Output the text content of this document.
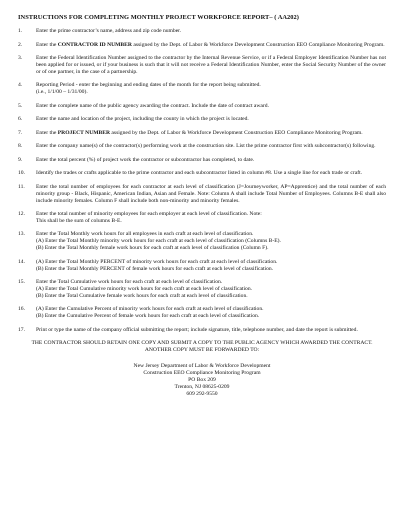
INSTRUCTIONS FOR COMPLETING MONTHLY PROJECT WORKFORCE REPORT– ( AA202)
1.	Enter the prime contractor’s name, address and zip code number.
2.	Enter the CONTRACTOR ID NUMBER assigned by the Dept. of Labor & Workforce Development Construction EEO Compliance Monitoring Program.
3.	Enter the Federal Identification Number assigned to the contractor by the Internal Revenue Service, or if a Federal Employer Identification Number has not been applied for or issued, or if your business is such that it will not receive a Federal Identification Number, enter the Social Security Number of the owner or of one partner, in the case of a partnership.
4.	Reporting Period - enter the beginning and ending dates of the month for the report being submitted.
(i.e., 1/1/00 – 1/31/00).
5.	Enter the complete name of the public agency awarding the contract. Include the date of contract award.
6.	Enter the name and location of the project, including the county in which the project is located.
7.	Enter the PROJECT NUMBER assigned by the Dept. of Labor & Workforce Development Construction EEO Compliance Monitoring Program.
8.	Enter the company name(s) of the contractor(s) performing work at the construction site. List the prime contractor first with subcontractor(s) following.
9.	Enter the total percent (%) of project work the contractor or subcontractor has completed, to date.
10.	Identify the trades or crafts applicable to the prime contractor and each subcontractor listed in column #8. Use a single line for each trade or craft.
11.	Enter the total number of employees for each contractor at each level of classification (J=Journeyworker, AP=Apprentice) and the total number of each minority group - Black, Hispanic, American Indian, Asian and Female. Note: Column A shall include Total Number of Employees. Columns B-E shall also include minority females. Column F shall include both non-minority and minority females.
12.	Enter the total number of minority employees for each employer at each level of classification. Note:
This shall be the sum of columns B-E.
13.	Enter the Total Monthly work hours for all employees in each craft at each level of classification.
(A) Enter the Total Monthly minority work hours for each craft at each level of classification (Columns B-E).
(B) Enter the Total Monthly female work hours for each craft at each level of classification (Column F).
14.	(A) Enter the Total Monthly PERCENT of minority work hours for each craft at each level of classification.
(B) Enter the Total Monthly PERCENT of female work hours for each craft at each level of classification.
15.	Enter the Total Cumulative work hours for each craft at each level of classification.
(A) Enter the Total Cumulative minority work hours for each craft at each level of classification.
(B) Enter the Total Cumulative female work hours for each craft at each level of classification.
16.	(A) Enter the Cumulative Percent of minority work hours for each craft at each level of classification.
(B) Enter the Cumulative Percent of female work hours for each craft at each level of classification.
17.	Print or type the name of the company official submitting the report; include signature, title, telephone number, and date the report is submitted.
THE CONTRACTOR SHOULD RETAIN ONE COPY AND SUBMIT A COPY TO THE PUBLIC AGENCY WHICH AWARDED THE CONTRACT. ANOTHER COPY MUST BE FORWARDED TO:
New Jersey Department of Labor & Workforce Development
Construction EEO Compliance Monitoring Program
PO Box 209
Trenton, NJ 08625-0209
609 292-9550
